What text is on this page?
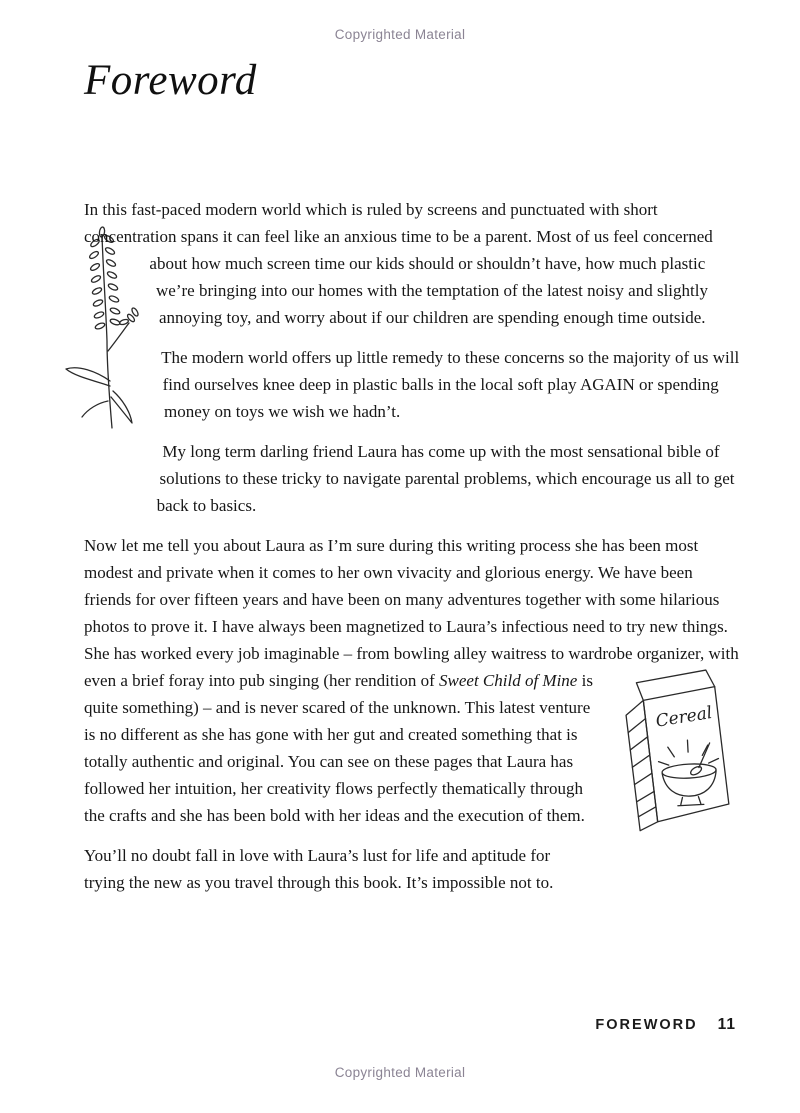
Copyrighted Material
Foreword

In this fast-paced modern world which is ruled by screens and punctuated with short concentration spans it can feel like an anxious time to be a parent.
Most of us feel concerned about how much screen time our kids should or shouldn’t have, how much plastic we’re bringing into our homes with the temptation of the latest noisy and slightly annoying toy, and worry about if our children are spending enough time outside.

The modern world offers up little remedy to these concerns so the majority of us will find ourselves knee deep in plastic balls in the local soft play AGAIN or spending money on toys we wish we hadn’t.

My long term darling friend Laura has come up with the most sensational bible of solutions to these tricky to navigate parental problems, which encourage us all to get back to basics.

Now let me tell you about Laura as I’m sure during this writing process she has been most modest and private when it comes to her own vivacity and glorious energy. We have been friends for over fifteen years and have been on many adventures together with some hilarious photos to prove it. I have always been magnetized to Laura’s infectious need to try new things. She has worked every job imaginable – from bowling alley waitress to wardrobe organizer, with even a brief foray into pub singing (her rendition of Sweet Child of Mine
Cereal
is quite something) – and is never scared of the unknown. This latest venture is no different as she has gone with her gut and created something that is totally authentic and original. You can see on these pages that Laura has followed her intuition, her creativity flows perfectly thematically through the crafts and she has been bold with her ideas and the execution of them.

You’ll no doubt fall in love with Laura’s lust for life and aptitude for trying the new as you travel through this book. It’s impossible not to.

FOREWORD 11
Copyrighted Material
